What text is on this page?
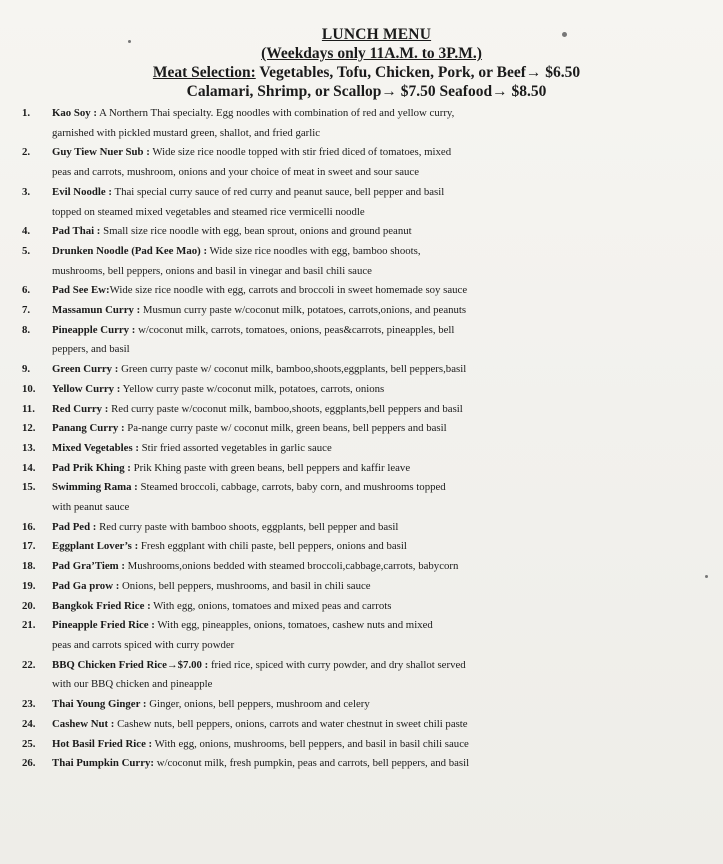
LUNCH MENU
(Weekdays only 11A.M. to 3P.M.)
Meat Selection: Vegetables, Tofu, Chicken, Pork, or Beef→ $6.50
Calamari, Shrimp, or Scallop→ $7.50 Seafood→ $8.50
1. Kao Soy : A Northern Thai specialty. Egg noodles with combination of red and yellow curry,
garnished with pickled mustard green, shallot, and fried garlic
2. Guy Tiew Nuer Sub : Wide size rice noodle topped with stir fried diced of tomatoes, mixed
peas and carrots, mushroom, onions and your choice of meat in sweet and sour sauce
3. Evil Noodle : Thai special curry sauce of red curry and peanut sauce, bell pepper and basil
topped on steamed mixed vegetables and steamed rice vermicelli noodle
4. Pad Thai : Small size rice noodle with egg, bean sprout, onions and ground peanut
5. Drunken Noodle (Pad Kee Mao) : Wide size rice noodles with egg, bamboo shoots,
mushrooms, bell peppers, onions and basil in vinegar and basil chili sauce
6. Pad See Ew:Wide size rice noodle with egg, carrots and broccoli in sweet homemade soy sauce
7. Massamun Curry : Musmun curry paste w/coconut milk, potatoes, carrots,onions, and peanuts
8. Pineapple Curry : w/coconut milk, carrots, tomatoes, onions, peas&carrots, pineapples, bell
peppers, and basil
9. Green Curry : Green curry paste w/ coconut milk, bamboo,shoots,eggplants, bell peppers,basil
10. Yellow Curry : Yellow curry paste w/coconut milk, potatoes, carrots, onions
11. Red Curry : Red curry paste w/coconut milk, bamboo,shoots, eggplants,bell peppers and basil
12. Panang Curry : Pa-nange curry paste w/ coconut milk, green beans, bell peppers and basil
13. Mixed Vegetables : Stir fried assorted vegetables in garlic sauce
14. Pad Prik Khing : Prik Khing paste with green beans, bell peppers and kaffir leave
15. Swimming Rama : Steamed broccoli, cabbage, carrots, baby corn, and mushrooms topped
with peanut sauce
16. Pad Ped : Red curry paste with bamboo shoots, eggplants, bell pepper and basil
17. Eggplant Lover’s : Fresh eggplant with chili paste, bell peppers, onions and basil
18. Pad Gra’Tiem : Mushrooms,onions bedded with steamed broccoli,cabbage,carrots, babycorn
19. Pad Ga prow : Onions, bell peppers, mushrooms, and basil in chili sauce
20. Bangkok Fried Rice : With egg, onions, tomatoes and mixed peas and carrots
21. Pineapple Fried Rice : With egg, pineapples, onions, tomatoes, cashew nuts and mixed
peas and carrots spiced with curry powder
22. BBQ Chicken Fried Rice→$7.00 : fried rice, spiced with curry powder, and dry shallot served
with our BBQ chicken and pineapple
23. Thai Young Ginger : Ginger, onions, bell peppers, mushroom and celery
24. Cashew Nut : Cashew nuts, bell peppers, onions, carrots and water chestnut in sweet chili paste
25. Hot Basil Fried Rice : With egg, onions, mushrooms, bell peppers, and basil in basil chili sauce
26. Thai Pumpkin Curry: w/coconut milk, fresh pumpkin, peas and carrots, bell peppers, and basil
